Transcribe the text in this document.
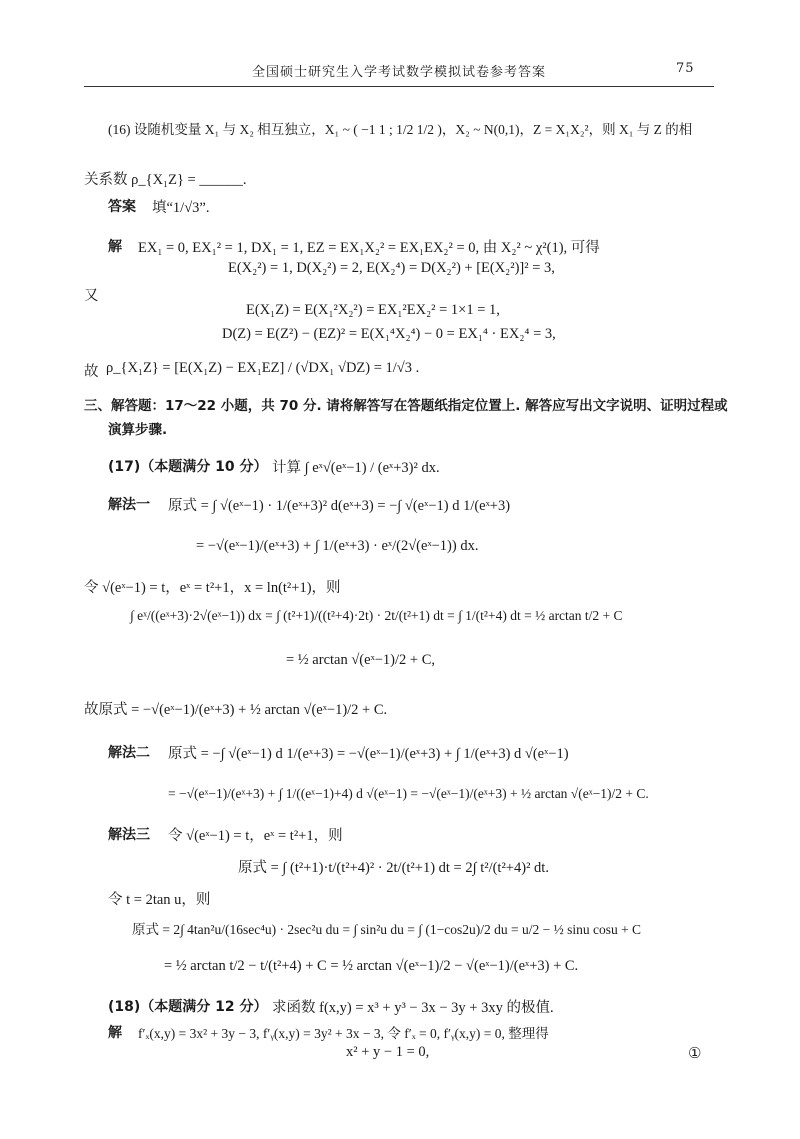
全国硕士研究生入学考试数学模拟试卷参考答案	75
(16) 设随机变量 X₁ 与 X₂ 相互独立，X₁ ~ ( −1 1 ; 1/2 1/2 )，X₂ ~ N(0,1)，Z = X₁X₂²，则 X₁ 与 Z 的相
关系数 ρ_{X₁Z} = ______.
答案 填“1/√3”.
解 EX₁ = 0, EX₁² = 1, DX₁ = 1, EZ = EX₁X₂² = EX₁EX₂² = 0, 由 X₂² ~ χ²(1), 可得
E(X₂²) = 1, D(X₂²) = 2, E(X₂⁴) = D(X₂²) + [E(X₂²)]² = 3,
又
E(X₁Z) = E(X₁²X₂²) = EX₁²EX₂² = 1×1 = 1,
D(Z) = E(Z²) − (EZ)² = E(X₁⁴X₂⁴) − 0 = EX₁⁴ · EX₂⁴ = 3,
故 ρ_{X₁Z} = [E(X₁Z) − EX₁EZ] / (√DX₁ √DZ) = 1/√3 .
三、解答题：17～22 小题，共 70 分. 请将解答写在答题纸指定位置上. 解答应写出文字说明、证明过程或
演算步骤.
(17)（本题满分 10 分） 计算 ∫ eˣ√(eˣ−1) / (eˣ+3)² dx.
解法一 原式 = ∫ √(eˣ−1) · 1/(eˣ+3)² d(eˣ+3) = −∫ √(eˣ−1) d 1/(eˣ+3)
= −√(eˣ−1)/(eˣ+3) + ∫ 1/(eˣ+3) · eˣ/(2√(eˣ−1)) dx.
令 √(eˣ−1) = t，eˣ = t²+1，x = ln(t²+1)，则
∫ eˣ/((eˣ+3)·2√(eˣ−1)) dx = ∫ (t²+1)/((t²+4)·2t) · 2t/(t²+1) dt = ∫ 1/(t²+4) dt = ½ arctan t/2 + C
= ½ arctan √(eˣ−1)/2 + C,
故原式 = −√(eˣ−1)/(eˣ+3) + ½ arctan √(eˣ−1)/2 + C.
解法二 原式 = −∫ √(eˣ−1) d 1/(eˣ+3) = −√(eˣ−1)/(eˣ+3) + ∫ 1/(eˣ+3) d √(eˣ−1)
= −√(eˣ−1)/(eˣ+3) + ∫ 1/((eˣ−1)+4) d √(eˣ−1) = −√(eˣ−1)/(eˣ+3) + ½ arctan √(eˣ−1)/2 + C.
解法三 令 √(eˣ−1) = t，eˣ = t²+1，则
原式 = ∫ (t²+1)·t/(t²+4)² · 2t/(t²+1) dt = 2∫ t²/(t²+4)² dt.
令 t = 2tan u，则
原式 = 2∫ 4tan²u/(16sec⁴u) · 2sec²u du = ∫ sin²u du = ∫ (1−cos2u)/2 du = u/2 − ½ sinu cosu + C
= ½ arctan t/2 − t/(t²+4) + C = ½ arctan √(eˣ−1)/2 − √(eˣ−1)/(eˣ+3) + C.
(18)（本题满分 12 分） 求函数 f(x,y) = x³ + y³ − 3x − 3y + 3xy 的极值.
解 f′ₓ(x,y) = 3x² + 3y − 3, f′ᵧ(x,y) = 3y² + 3x − 3, 令 f′ₓ = 0, f′ᵧ(x,y) = 0, 整理得
x² + y − 1 = 0,	①
